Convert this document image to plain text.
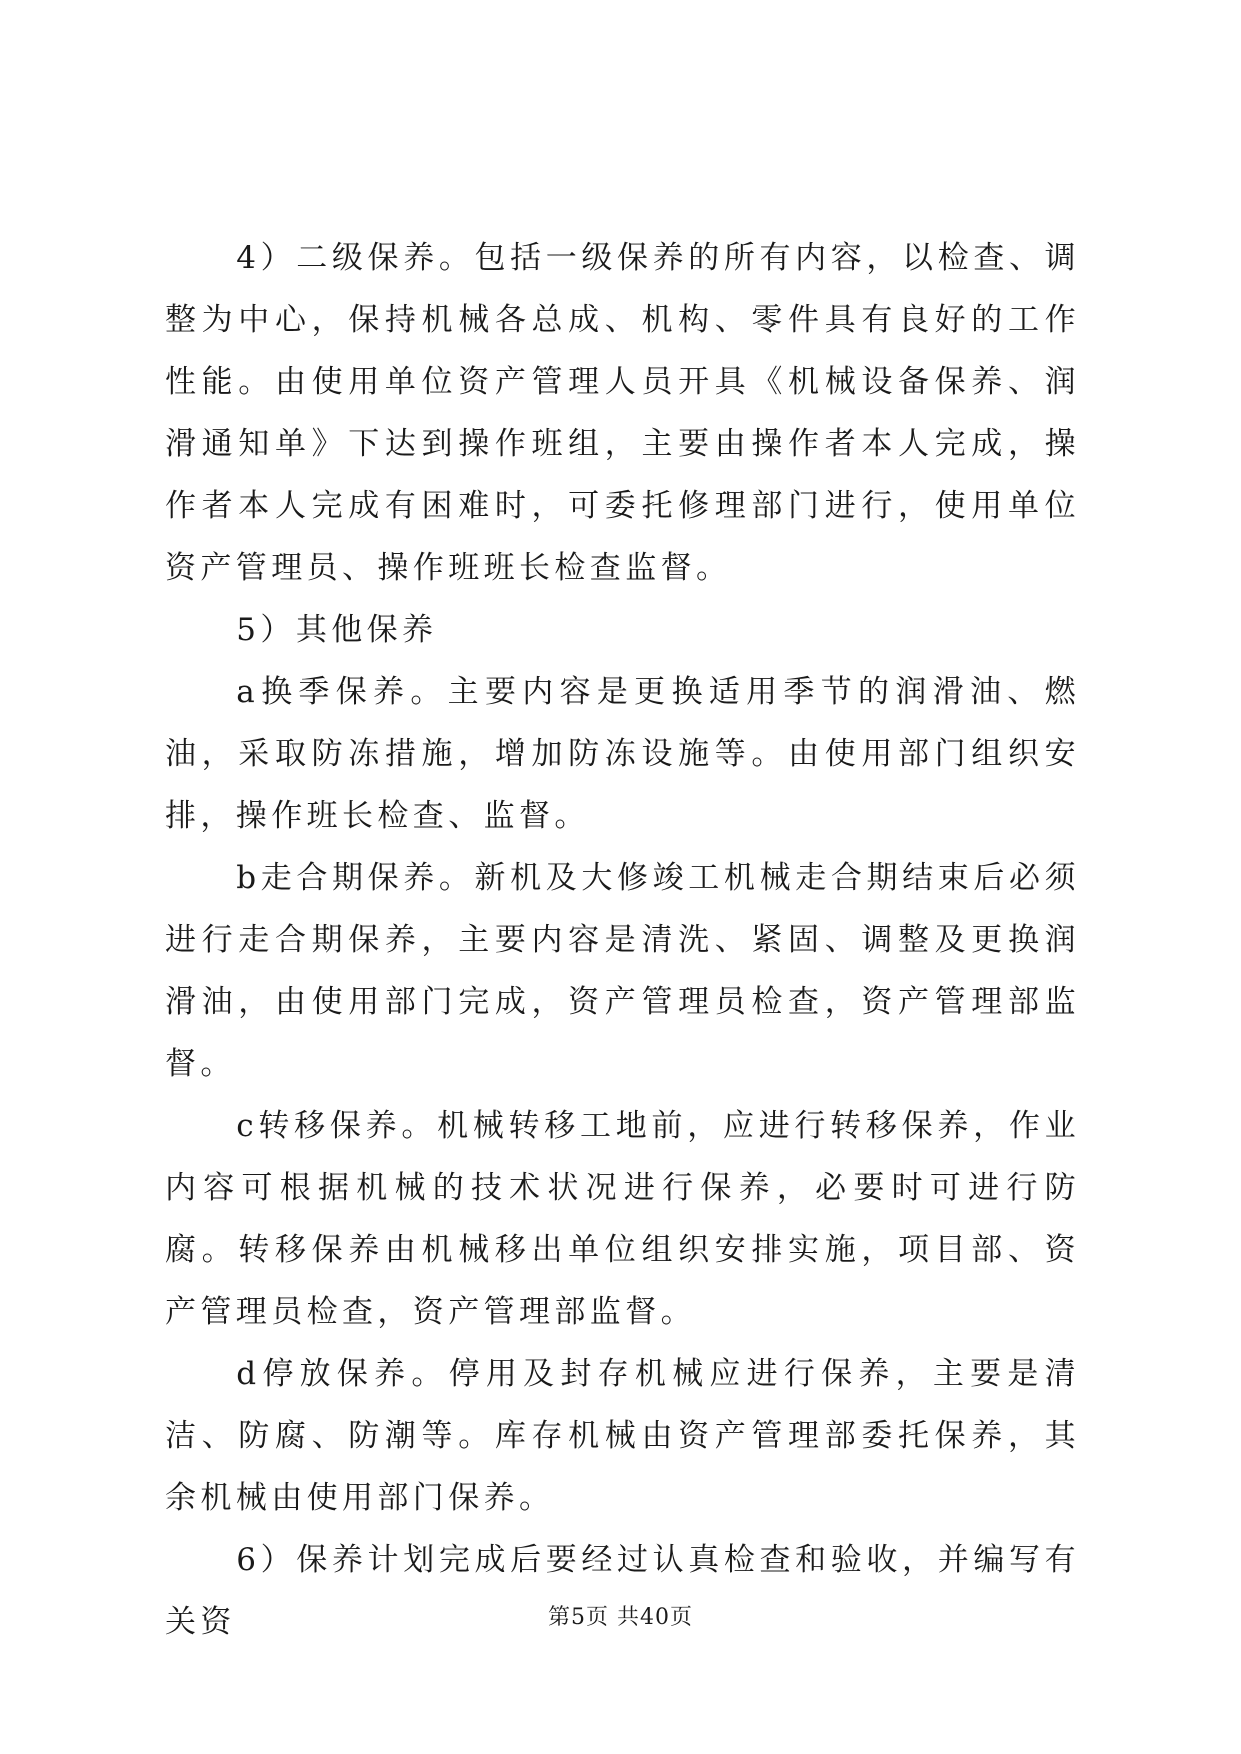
4）二级保养。包括一级保养的所有内容，以检查、调整为中心，保持机械各总成、机构、零件具有良好的工作性能。由使用单位资产管理人员开具《机械设备保养、润滑通知单》下达到操作班组，主要由操作者本人完成，操作者本人完成有困难时，可委托修理部门进行，使用单位资产管理员、操作班班长检查监督。

5）其他保养

a换季保养。主要内容是更换适用季节的润滑油、燃油，采取防冻措施，增加防冻设施等。由使用部门组织安排，操作班长检查、监督。

b走合期保养。新机及大修竣工机械走合期结束后必须进行走合期保养，主要内容是清洗、紧固、调整及更换润滑油，由使用部门完成，资产管理员检查，资产管理部监督。

c转移保养。机械转移工地前，应进行转移保养，作业内容可根据机械的技术状况进行保养，必要时可进行防腐。转移保养由机械移出单位组织安排实施，项目部、资产管理员检查，资产管理部监督。

d停放保养。停用及封存机械应进行保养，主要是清洁、防腐、防潮等。库存机械由资产管理部委托保养，其余机械由使用部门保养。

6）保养计划完成后要经过认真检查和验收，并编写有关资	第5页 共40页
